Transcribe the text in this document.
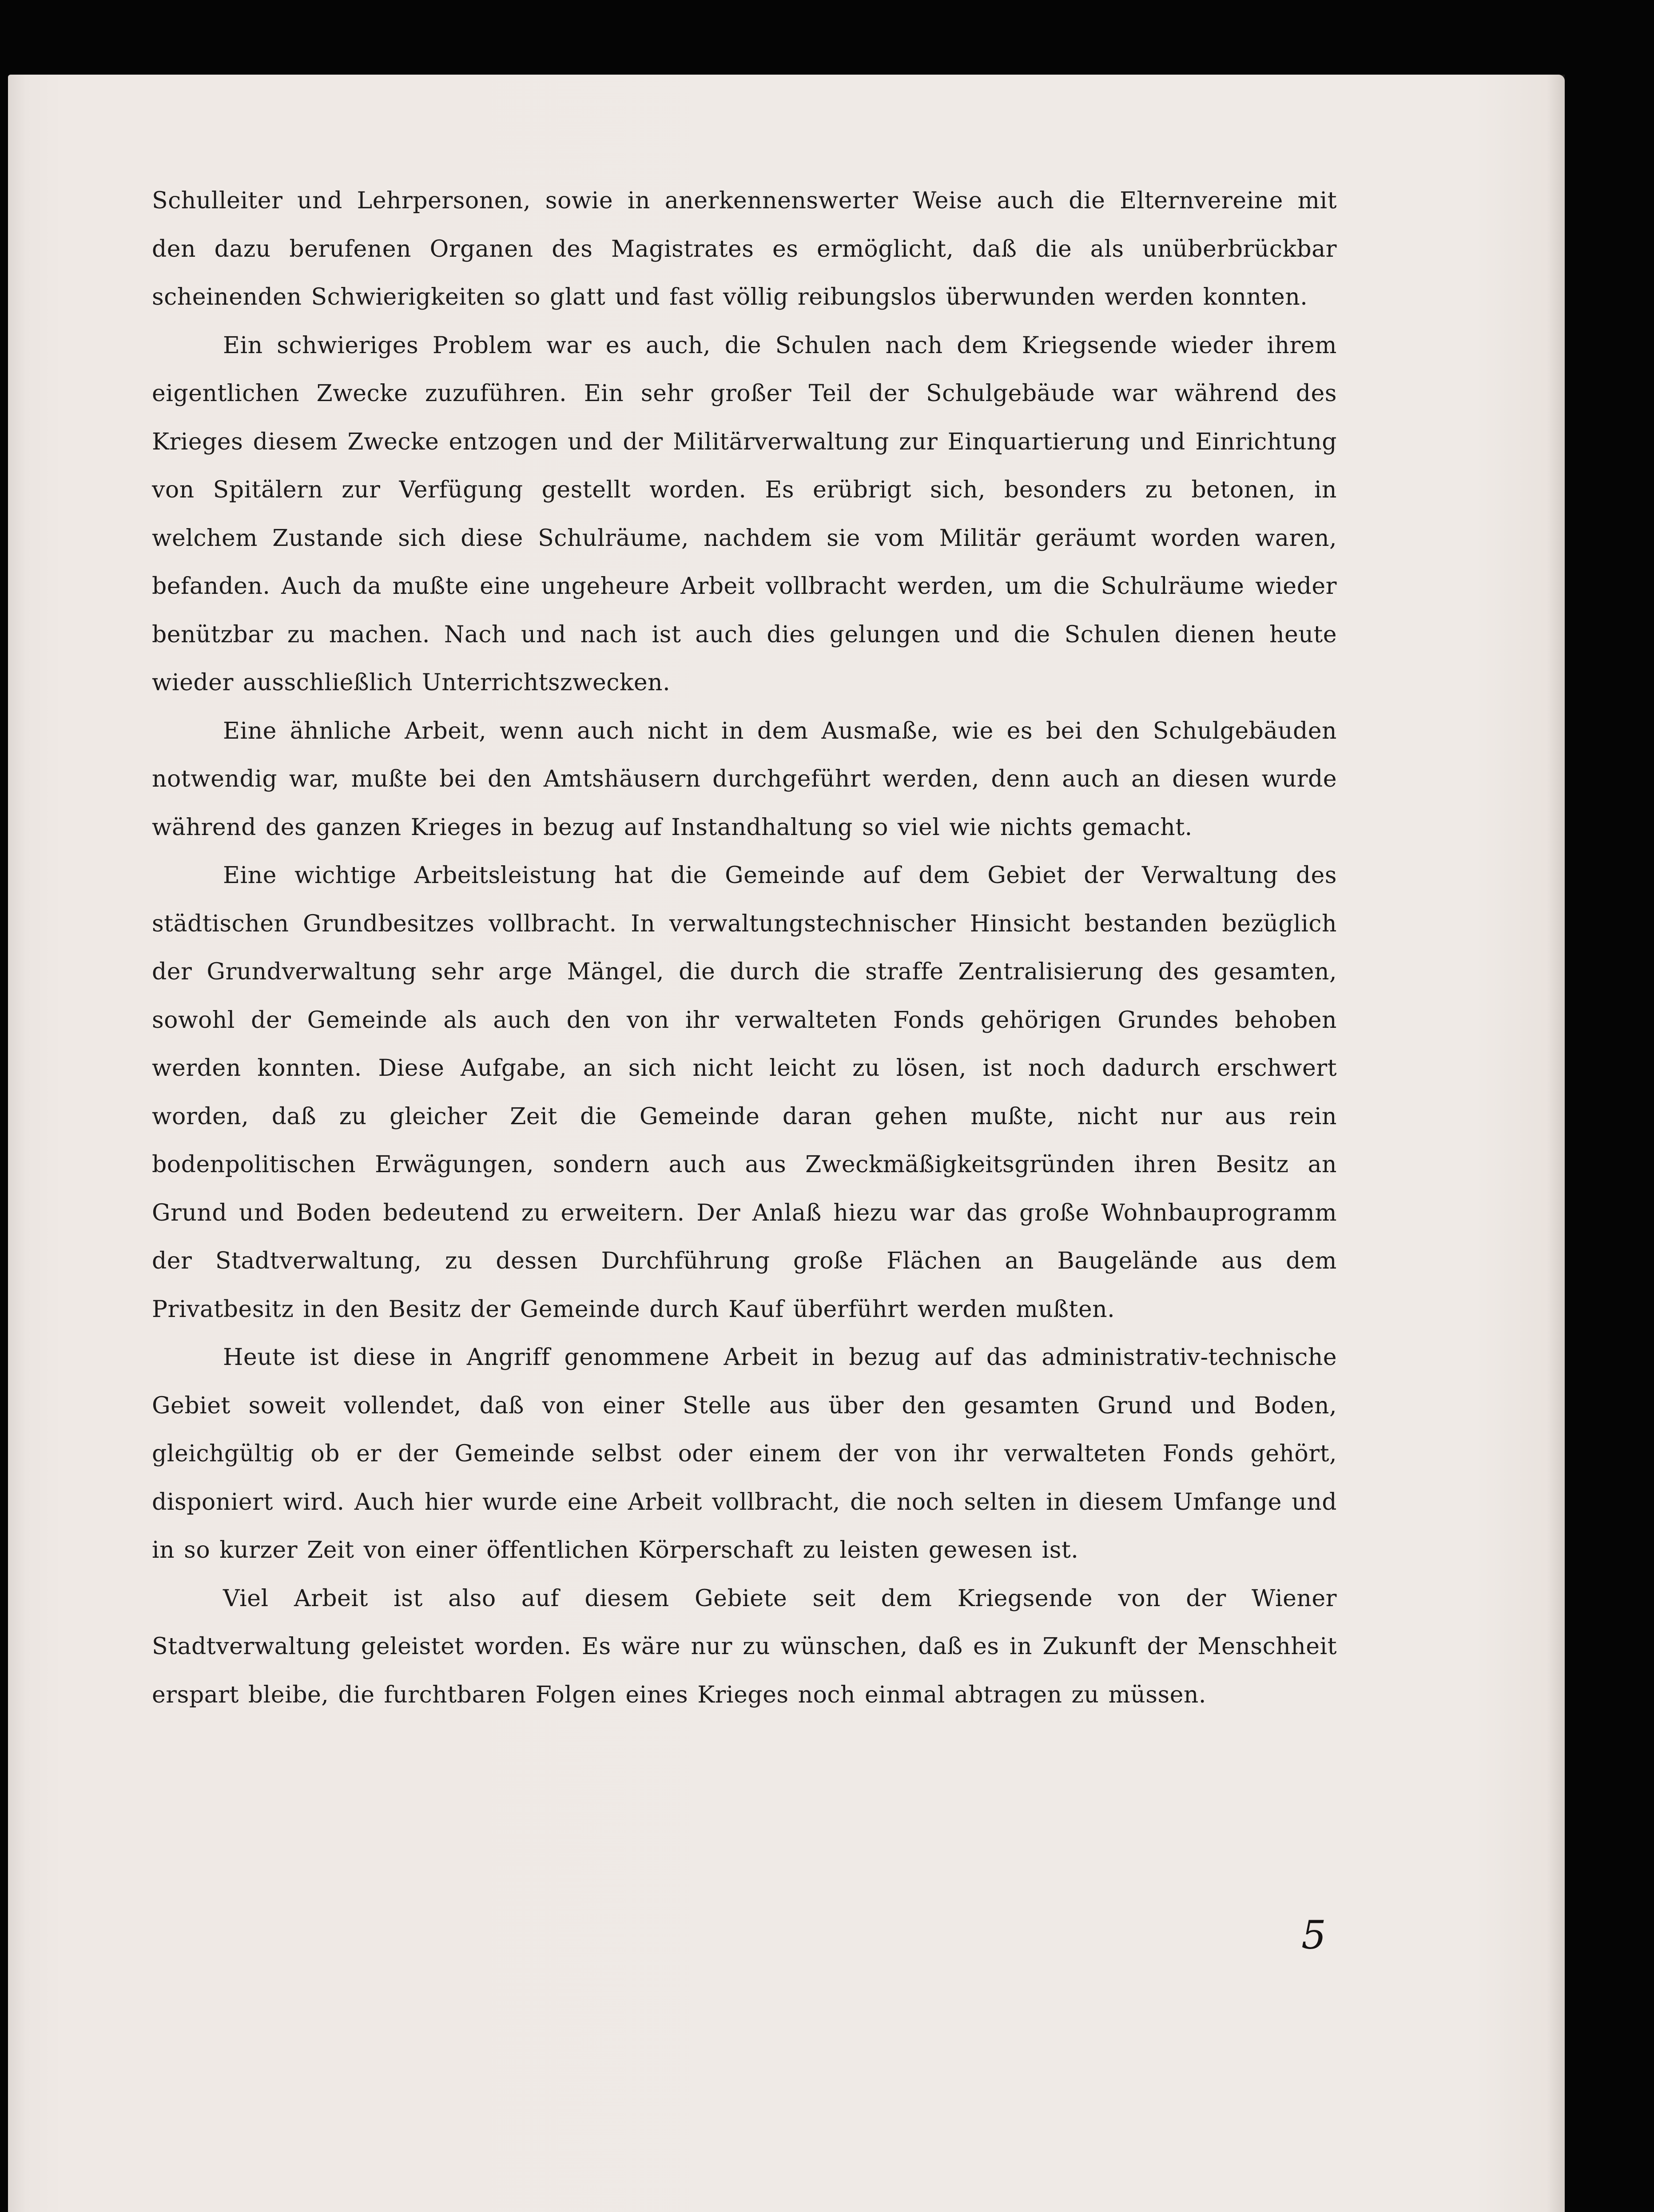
Schulleiter und Lehrpersonen, sowie in anerkennenswerter Weise auch die Elternvereine mit den dazu berufenen Organen des Magistrates es ermöglicht, daß die als unüberbrückbar scheinenden Schwierigkeiten so glatt und fast völlig reibungslos überwunden werden konnten.

Ein schwieriges Problem war es auch, die Schulen nach dem Kriegsende wieder ihrem eigentlichen Zwecke zuzuführen. Ein sehr großer Teil der Schulgebäude war während des Krieges diesem Zwecke entzogen und der Militärverwaltung zur Einquartierung und Einrichtung von Spitälern zur Verfügung gestellt worden. Es erübrigt sich, besonders zu betonen, in welchem Zustande sich diese Schulräume, nachdem sie vom Militär geräumt worden waren, befanden. Auch da mußte eine ungeheure Arbeit vollbracht werden, um die Schulräume wieder benützbar zu machen. Nach und nach ist auch dies gelungen und die Schulen dienen heute wieder ausschließlich Unterrichtszwecken.

Eine ähnliche Arbeit, wenn auch nicht in dem Ausmaße, wie es bei den Schulgebäuden notwendig war, mußte bei den Amtshäusern durchgeführt werden, denn auch an diesen wurde während des ganzen Krieges in bezug auf Instandhaltung so viel wie nichts gemacht.

Eine wichtige Arbeitsleistung hat die Gemeinde auf dem Gebiet der Verwaltung des städtischen Grundbesitzes vollbracht. In verwaltungstechnischer Hinsicht bestanden bezüglich der Grundverwaltung sehr arge Mängel, die durch die straffe Zentralisierung des gesamten, sowohl der Gemeinde als auch den von ihr verwalteten Fonds gehörigen Grundes behoben werden konnten. Diese Aufgabe, an sich nicht leicht zu lösen, ist noch dadurch erschwert worden, daß zu gleicher Zeit die Gemeinde daran gehen mußte, nicht nur aus rein bodenpolitischen Erwägungen, sondern auch aus Zweckmäßigkeitsgründen ihren Besitz an Grund und Boden bedeutend zu erweitern. Der Anlaß hiezu war das große Wohnbauprogramm der Stadtverwaltung, zu dessen Durchführung große Flächen an Baugelände aus dem Privatbesitz in den Besitz der Gemeinde durch Kauf überführt werden mußten.

Heute ist diese in Angriff genommene Arbeit in bezug auf das administrativ-technische Gebiet soweit vollendet, daß von einer Stelle aus über den gesamten Grund und Boden, gleichgültig ob er der Gemeinde selbst oder einem der von ihr verwalteten Fonds gehört, disponiert wird. Auch hier wurde eine Arbeit vollbracht, die noch selten in diesem Umfange und in so kurzer Zeit von einer öffentlichen Körperschaft zu leisten gewesen ist.

Viel Arbeit ist also auf diesem Gebiete seit dem Kriegsende von der Wiener Stadtverwaltung geleistet worden. Es wäre nur zu wünschen, daß es in Zukunft der Menschheit erspart bleibe, die furchtbaren Folgen eines Krieges noch einmal abtragen zu müssen.

5
